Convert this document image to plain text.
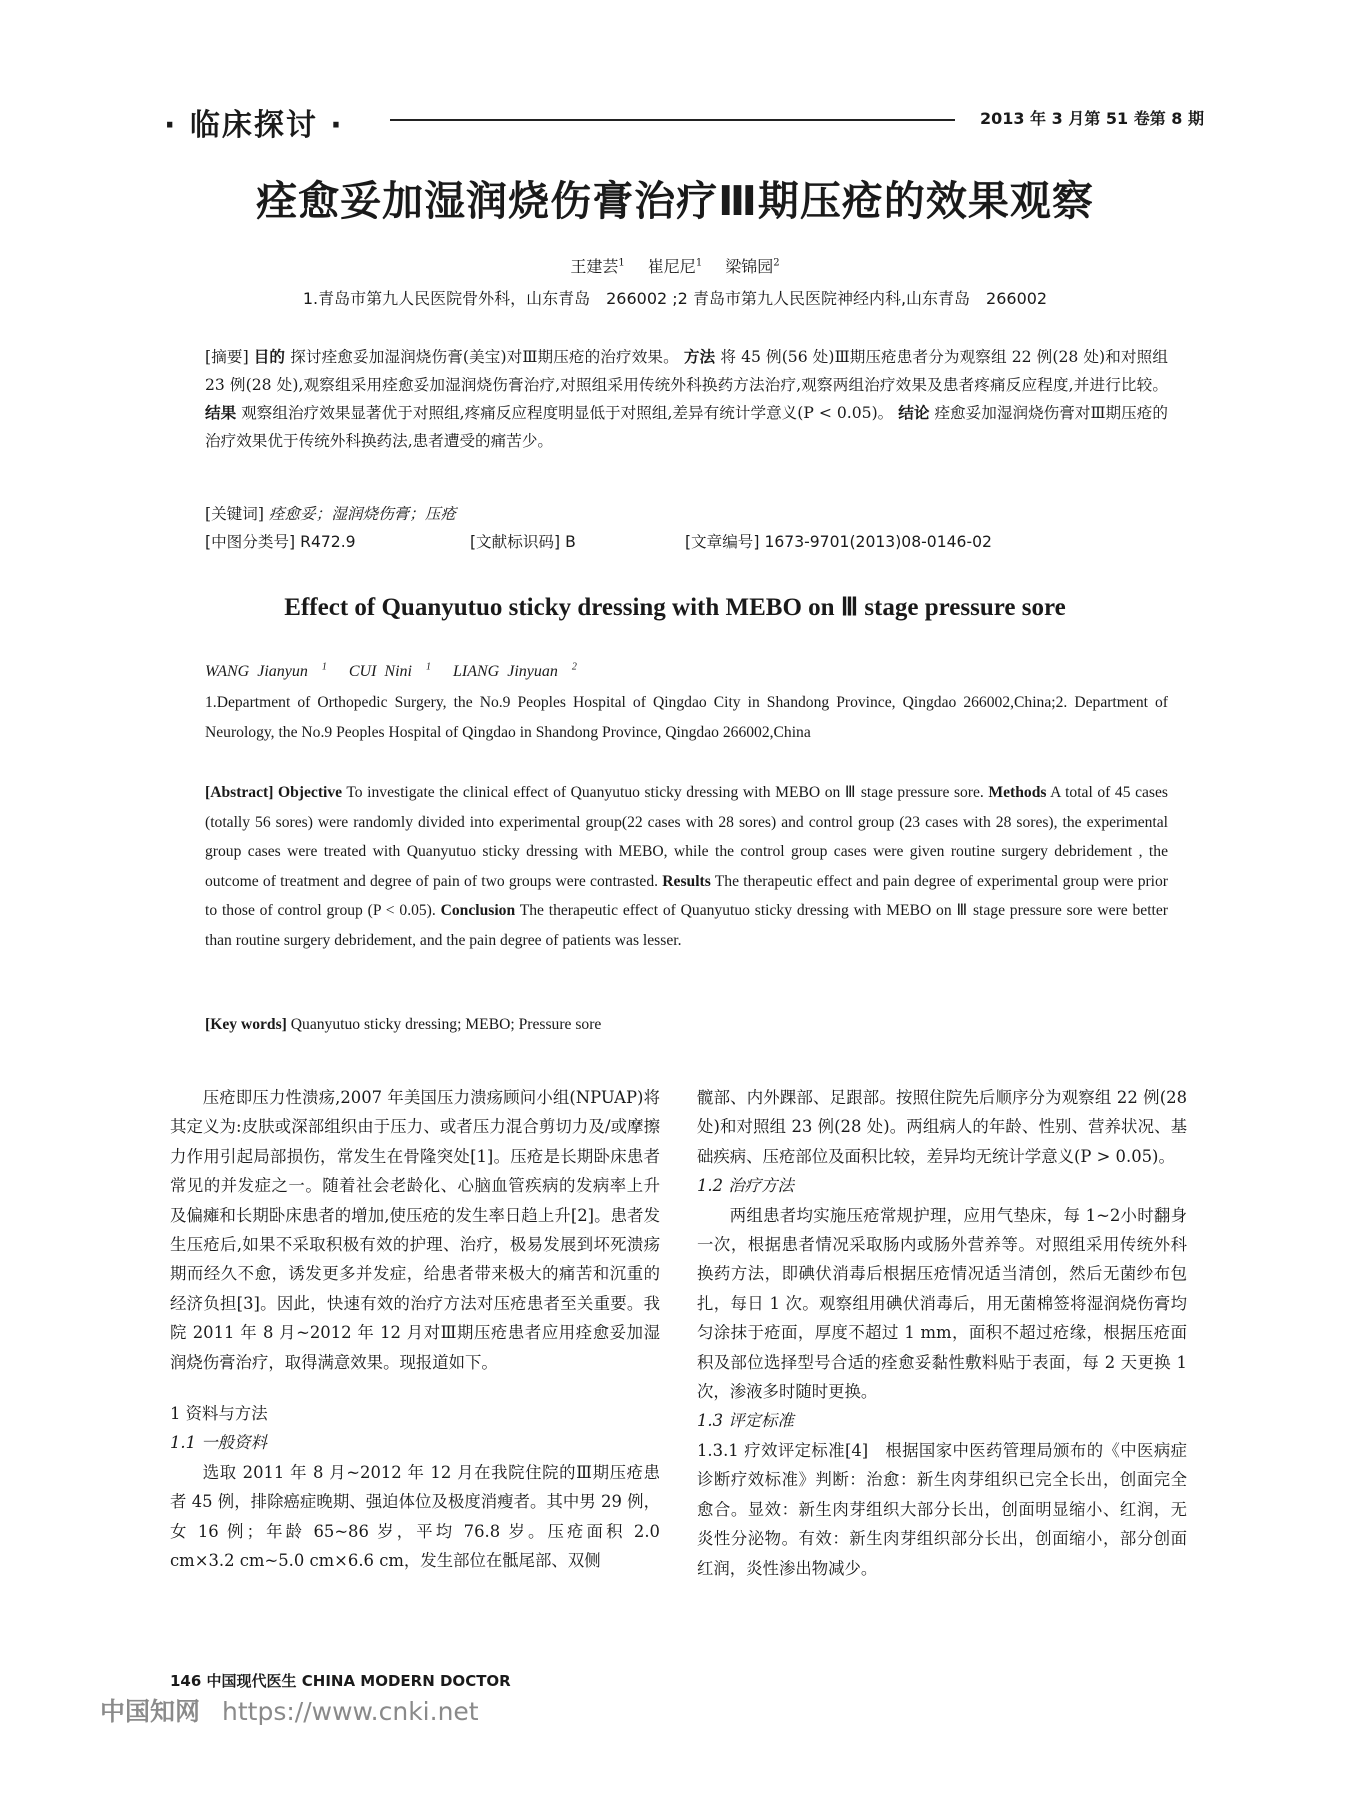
· 临床探讨 ·	2013 年 3 月第 51 卷第 8 期
痊愈妥加湿润烧伤膏治疗Ⅲ期压疮的效果观察
王建芸$^1$ 崔尼尼$^1$ 梁锦园$^2$
1.青岛市第九人民医院骨外科，山东青岛　266002 ;2 青岛市第九人民医院神经内科,山东青岛　266002
[摘要] 目的 探讨痊愈妥加湿润烧伤膏(美宝)对Ⅲ期压疮的治疗效果。 方法 将 45 例(56 处)Ⅲ期压疮患者分为观察组 22 例(28 处)和对照组 23 例(28 处),观察组采用痊愈妥加湿润烧伤膏治疗,对照组采用传统外科换药方法治疗,观察两组治疗效果及患者疼痛反应程度,并进行比较。 结果 观察组治疗效果显著优于对照组,疼痛反应程度明显低于对照组,差异有统计学意义(P < 0.05)。 结论 痊愈妥加湿润烧伤膏对Ⅲ期压疮的治疗效果优于传统外科换药法,患者遭受的痛苦少。
[关键词] 痊愈妥；湿润烧伤膏；压疮
[中图分类号] R472.9	[文献标识码] B	[文章编号] 1673-9701(2013)08-0146-02
Effect of Quanyutuo sticky dressing with MEBO on Ⅲ stage pressure sore
WANG Jianyun $^1$ CUI Nini $^1$ LIANG Jinyuan $^2$
1.Department of Orthopedic Surgery, the No.9 Peoples Hospital of Qingdao City in Shandong Province, Qingdao 266002,China;2. Department of Neurology, the No.9 Peoples Hospital of Qingdao in Shandong Province, Qingdao 266002,China
[Abstract] Objective To investigate the clinical effect of Quanyutuo sticky dressing with MEBO on Ⅲ stage pressure sore. Methods A total of 45 cases (totally 56 sores) were randomly divided into experimental group(22 cases with 28 sores) and control group (23 cases with 28 sores), the experimental group cases were treated with Quanyutuo sticky dressing with MEBO, while the control group cases were given routine surgery debridement , the outcome of treatment and degree of pain of two groups were contrasted. Results The therapeutic effect and pain degree of experimental group were prior to those of control group (P < 0.05). Conclusion The therapeutic effect of Quanyutuo sticky dressing with MEBO on Ⅲ stage pressure sore were better than routine surgery debridement, and the pain degree of patients was lesser.
[Key words] Quanyutuo sticky dressing; MEBO; Pressure sore

压疮即压力性溃疡,2007 年美国压力溃疡顾问小组(NPUAP)将其定义为:皮肤或深部组织由于压力、或者压力混合剪切力及/或摩擦力作用引起局部损伤，常发生在骨隆突处[1]。压疮是长期卧床患者常见的并发症之一。随着社会老龄化、心脑血管疾病的发病率上升及偏瘫和长期卧床患者的增加,使压疮的发生率日趋上升[2]。患者发生压疮后,如果不采取积极有效的护理、治疗，极易发展到坏死溃疡期而经久不愈，诱发更多并发症，给患者带来极大的痛苦和沉重的经济负担[3]。因此，快速有效的治疗方法对压疮患者至关重要。我院 2011 年 8 月~2012 年 12 月对Ⅲ期压疮患者应用痊愈妥加湿润烧伤膏治疗，取得满意效果。现报道如下。

1 资料与方法

1.1 一般资料

选取 2011 年 8 月~2012 年 12 月在我院住院的Ⅲ期压疮患者 45 例，排除癌症晚期、强迫体位及极度消瘦者。其中男 29 例，女 16 例；年龄 65~86 岁，平均 76.8 岁。压疮面积 2.0 cm×3.2 cm~5.0 cm×6.6 cm，发生部位在骶尾部、双侧

髋部、内外踝部、足跟部。按照住院先后顺序分为观察组 22 例(28 处)和对照组 23 例(28 处)。两组病人的年龄、性别、营养状况、基础疾病、压疮部位及面积比较，差异均无统计学意义(P > 0.05)。

1.2 治疗方法

两组患者均实施压疮常规护理，应用气垫床，每 1~2小时翻身一次，根据患者情况采取肠内或肠外营养等。对照组采用传统外科换药方法，即碘伏消毒后根据压疮情况适当清创，然后无菌纱布包扎，每日 1 次。观察组用碘伏消毒后，用无菌棉签将湿润烧伤膏均匀涂抹于疮面，厚度不超过 1 mm，面积不超过疮缘，根据压疮面积及部位选择型号合适的痊愈妥黏性敷料贴于表面，每 2 天更换 1 次，渗液多时随时更换。

1.3 评定标准

1.3.1 疗效评定标准[4]　根据国家中医药管理局颁布的《中医病症诊断疗效标准》判断：治愈：新生肉芽组织已完全长出，创面完全愈合。显效：新生肉芽组织大部分长出，创面明显缩小、红润，无炎性分泌物。有效：新生肉芽组织部分长出，创面缩小，部分创面红润，炎性渗出物减少。

146 中国现代医生 CHINA MODERN DOCTOR
中国知网 https://www.cnki.net
